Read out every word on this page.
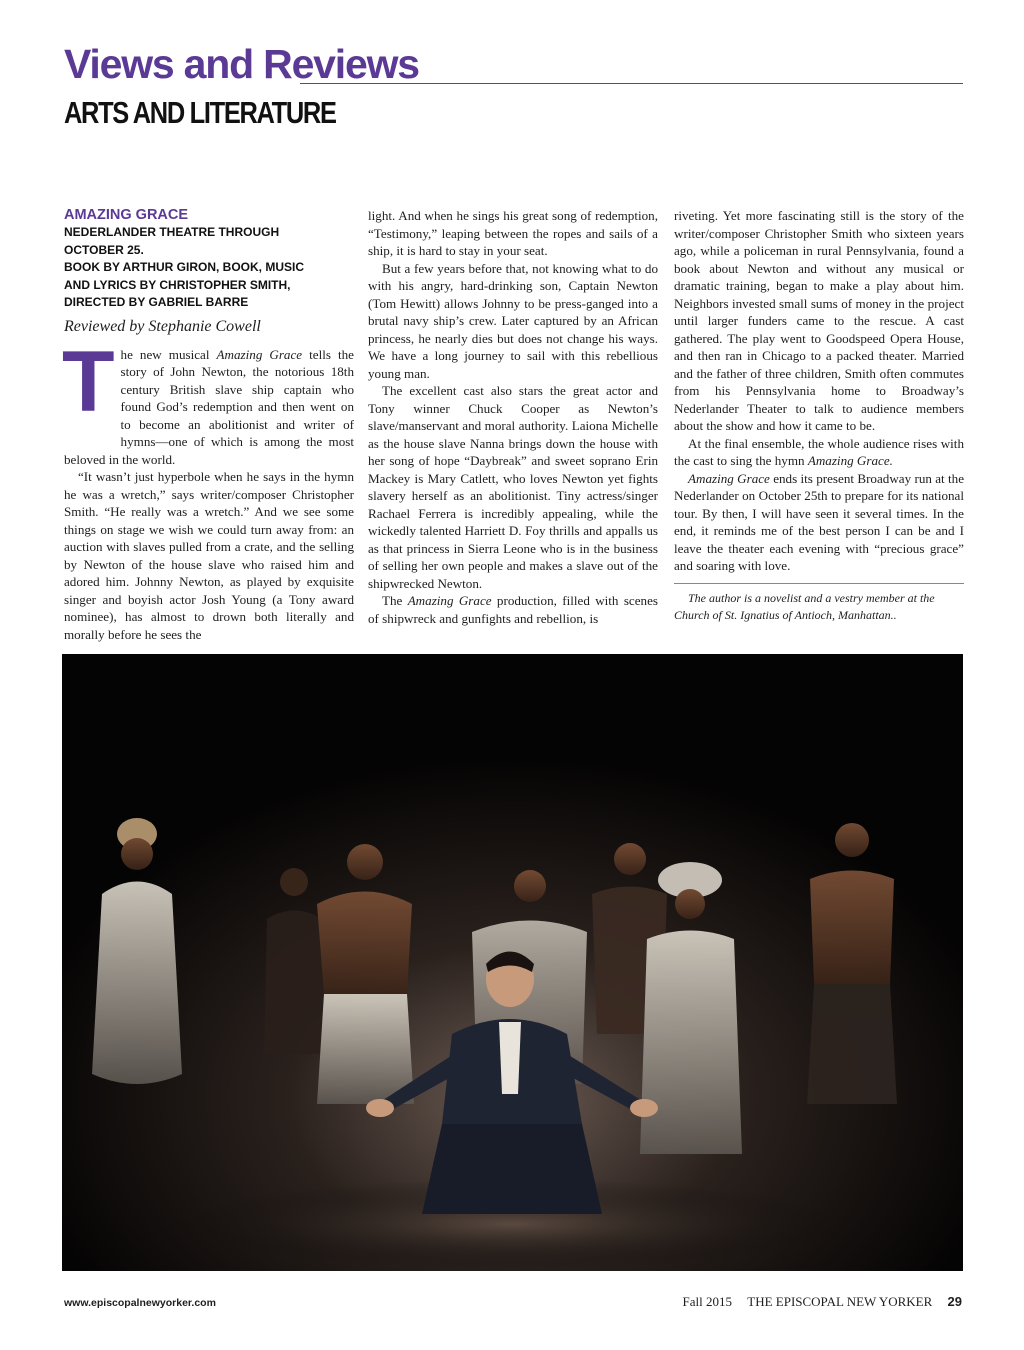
Views and Reviews
ARTS AND LITERATURE
AMAZING GRACE
NEDERLANDER THEATRE THROUGH
OCTOBER 25.
BOOK BY ARTHUR GIRON, BOOK, MUSIC
AND LYRICS BY CHRISTOPHER SMITH,
DIRECTED BY GABRIEL BARRE
Reviewed by Stephanie Cowell

The new musical Amazing Grace tells the story of John Newton, the notorious 18th century British slave ship captain who found God’s redemption and then went on to become an abolitionist and writer of hymns—one of which is among the most beloved in the world.

“It wasn’t just hyperbole when he says in the hymn he was a wretch,” says writer/composer Christopher Smith. “He really was a wretch.” And we see some things on stage we wish we could turn away from: an auction with slaves pulled from a crate, and the selling by Newton of the house slave who raised him and adored him. Johnny Newton, as played by exquisite singer and boyish actor Josh Young (a Tony award nominee), has almost to drown both literally and morally before he sees the

light. And when he sings his great song of redemption, “Testimony,” leaping between the ropes and sails of a ship, it is hard to stay in your seat.

But a few years before that, not knowing what to do with his angry, hard-drinking son, Captain Newton (Tom Hewitt) allows Johnny to be press-ganged into a brutal navy ship’s crew. Later captured by an African princess, he nearly dies but does not change his ways. We have a long journey to sail with this rebellious young man.

The excellent cast also stars the great actor and Tony winner Chuck Cooper as Newton’s slave/manservant and moral authority. Laiona Michelle as the house slave Nanna brings down the house with her song of hope “Daybreak” and sweet soprano Erin Mackey is Mary Catlett, who loves Newton yet fights slavery herself as an abolitionist. Tiny actress/singer Rachael Ferrera is incredibly appealing, while the wickedly talented Harriett D. Foy thrills and appalls us as that princess in Sierra Leone who is in the business of selling her own people and makes a slave out of the shipwrecked Newton.

The Amazing Grace production, filled with scenes of shipwreck and gunfights and rebellion, is

riveting. Yet more fascinating still is the story of the writer/composer Christopher Smith who sixteen years ago, while a policeman in rural Pennsylvania, found a book about Newton and without any musical or dramatic training, began to make a play about him. Neighbors invested small sums of money in the project until larger funders came to the rescue. A cast gathered. The play went to Goodspeed Opera House, and then ran in Chicago to a packed theater. Married and the father of three children, Smith often commutes from his Pennsylvania home to Broadway’s Nederlander Theater to talk to audience members about the show and how it came to be.

At the final ensemble, the whole audience rises with the cast to sing the hymn Amazing Grace.

Amazing Grace ends its present Broadway run at the Nederlander on October 25th to prepare for its national tour. By then, I will have seen it several times. In the end, it reminds me of the best person I can be and I leave the theater each evening with “precious grace” and soaring with love.

The author is a novelist and a vestry member at the Church of St. Ignatius of Antioch, Manhattan..

www.episcopalnewyorker.com	Fall 2015 THE EPISCOPAL NEW YORKER 29
